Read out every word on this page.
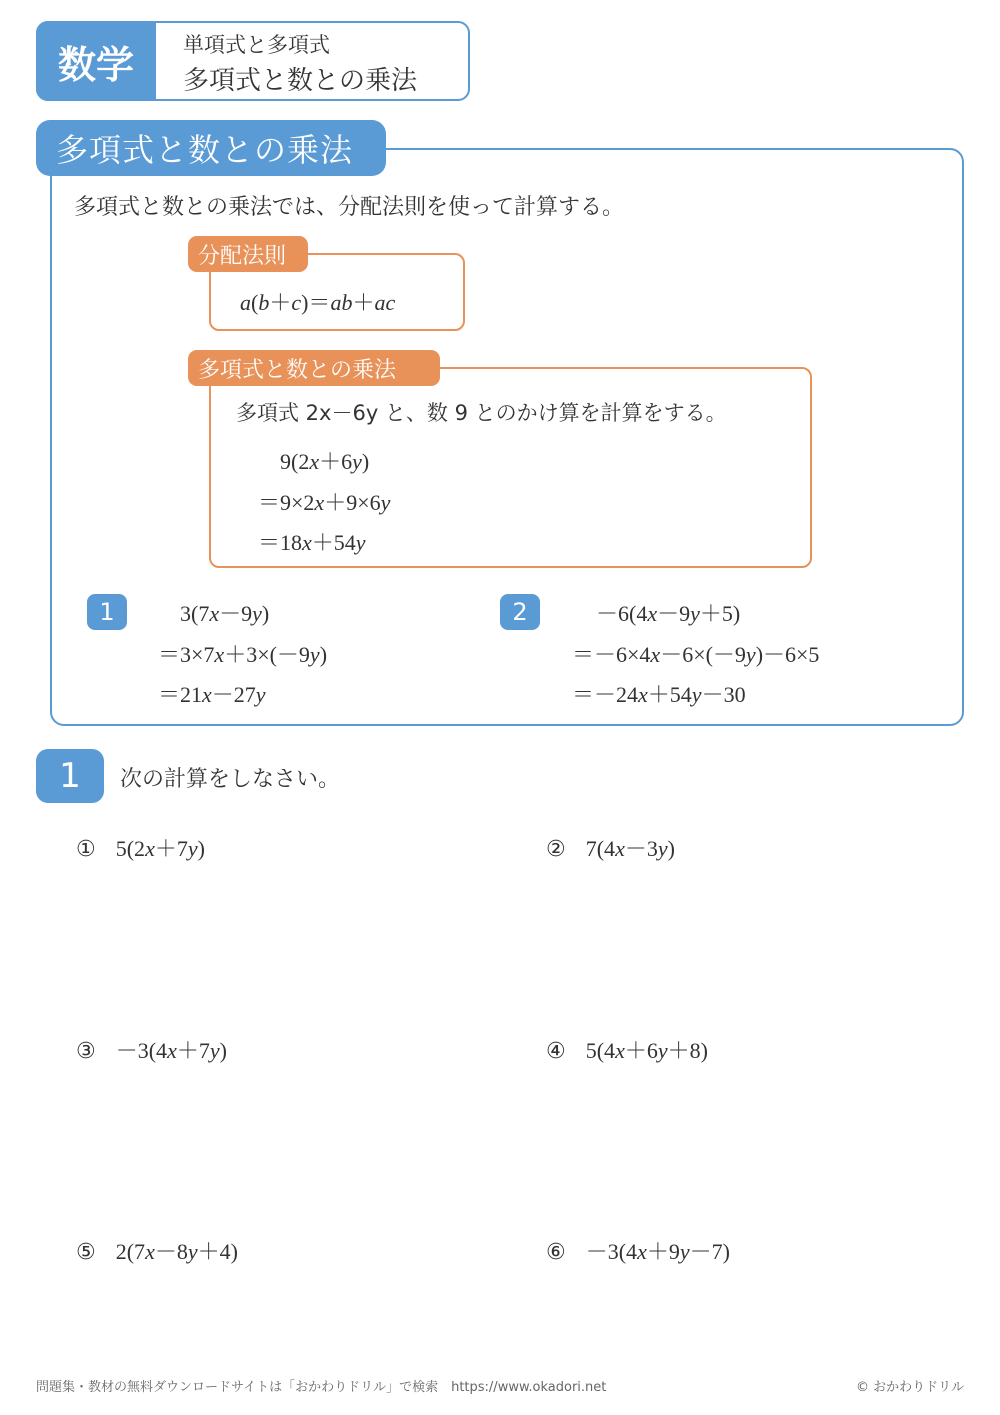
数学	単項式と多項式
多項式と数との乗法
多項式と数との乗法
多項式と数との乗法では、分配法則を使って計算する。
分配法則
a(b＋c)＝ab＋ac
多項式と数との乗法
多項式 2x－6y と、数 9 とのかけ算を計算をする。
9(2x＋6y)
＝9×2x＋9×6y
＝18x＋54y
1	3(7x－9y)
＝3×7x＋3×(－9y)
＝21x－27y
2	－6(4x－9y＋5)
＝－6×4x－6×(－9y)－6×5
＝－24x＋54y－30
1	次の計算をしなさい。
① 5(2x＋7y)	② 7(4x－3y)
③ －3(4x＋7y)	④ 5(4x＋6y＋8)
⑤ 2(7x－8y＋4)	⑥ －3(4x＋9y－7)
問題集・教材の無料ダウンロードサイトは「おかわりドリル」で検索　https://www.okadori.net	© おかわりドリル
